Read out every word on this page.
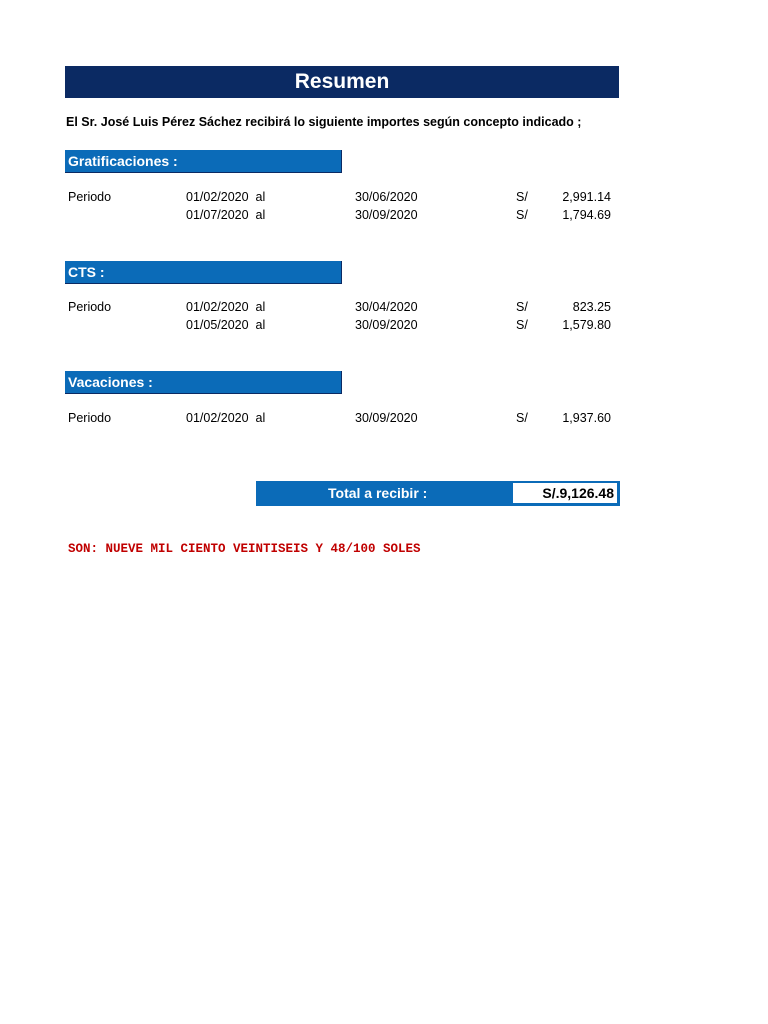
Resumen
El Sr. José Luis Pérez Sáchez recibirá lo siguiente importes según concepto indicado ;
Gratificaciones :
Periodo	01/02/2020  al	30/06/2020	S/	2,991.14
01/07/2020  al	30/09/2020	S/	1,794.69
CTS :
Periodo	01/02/2020  al	30/04/2020	S/	823.25
01/05/2020  al	30/09/2020	S/	1,579.80
Vacaciones :
Periodo	01/02/2020  al	30/09/2020	S/	1,937.60
Total a recibir :	S/.9,126.48
SON: NUEVE MIL CIENTO VEINTISEIS Y 48/100 SOLES
